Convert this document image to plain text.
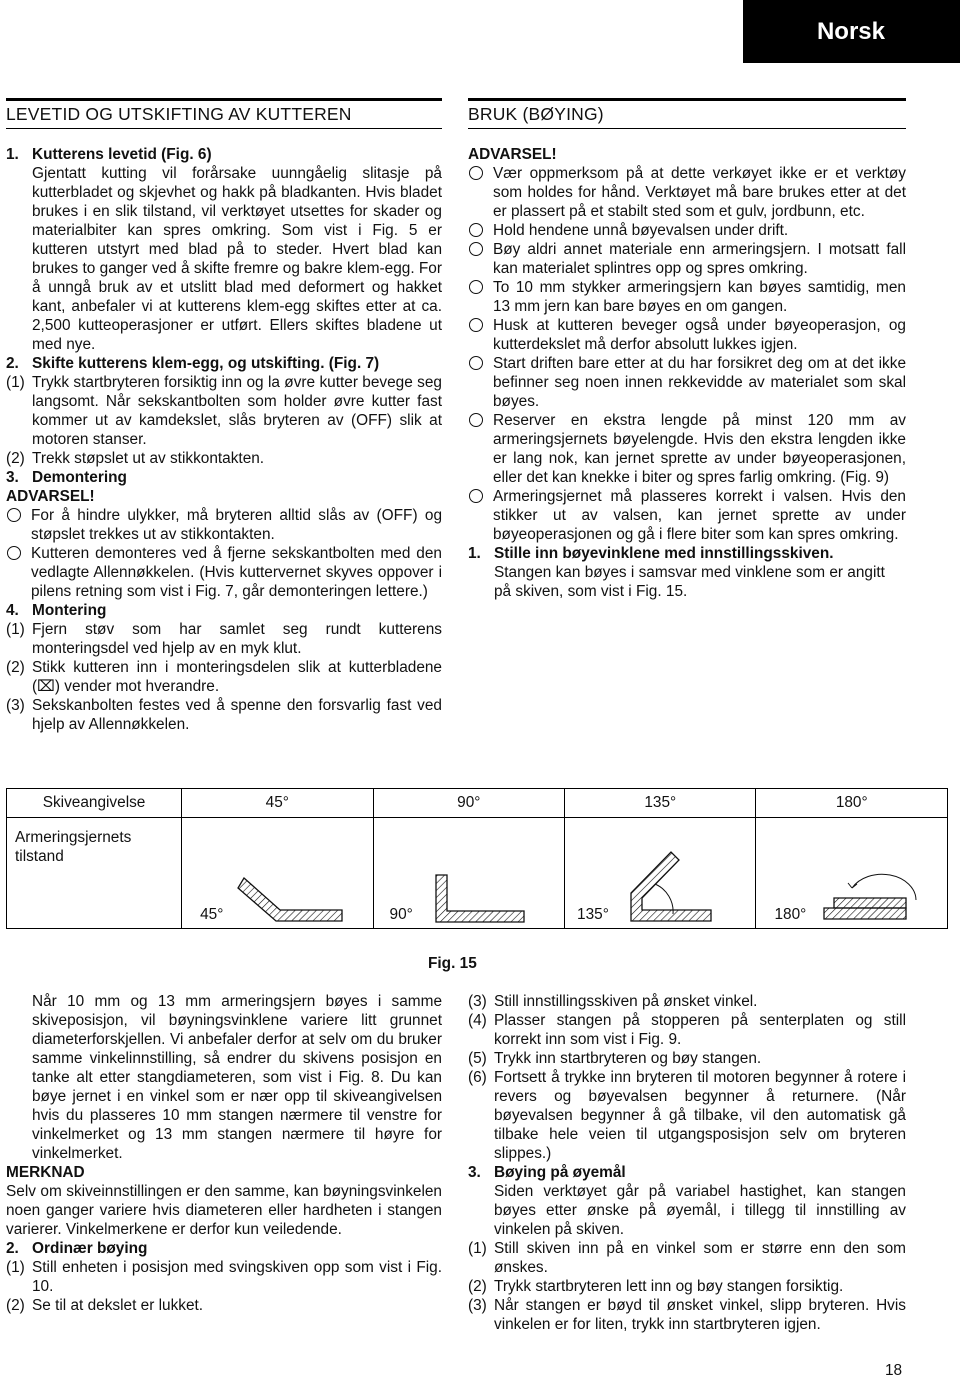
Norsk

LEVETID OG UTSKIFTING AV KUTTEREN

1. Kutterens levetid (Fig. 6)

Gjentatt kutting vil forårsake uunngåelig slitasje på kutterbladet og skjevhet og hakk på bladkanten. Hvis bladet brukes i en slik tilstand, vil verktøyet utsettes for skader og materialbiter kan spres omkring. Som vist i Fig. 5 er kutteren utstyrt med blad på to steder. Hvert blad kan brukes to ganger ved å skifte fremre og bakre klem-egg. For å unngå bruk av et utslitt blad med deformert og hakket kant, anbefaler vi at kutterens klem-egg skiftes etter at ca. 2,500 kutteoperasjoner er utført. Ellers skiftes bladene ut med nye.

2. Skifte kutterens klem-egg, og utskifting. (Fig. 7)
(1) Trykk startbryteren forsiktig inn og la øvre kutter bevege seg langsomt. Når sekskantbolten som holder øvre kutter fast kommer ut av kamdekslet, slås bryteren av (OFF) slik at motoren stanser.
(2) Trekk støpslet ut av stikkontakten.
3. Demontering

ADVARSEL!

For å hindre ulykker, må bryteren alltid slås av (OFF) og støpslet trekkes ut av stikkontakten.
Kutteren demonteres ved å fjerne sekskantbolten med den vedlagte Allennøkkelen. (Hvis kuttervernet skyves oppover i pilens retning som vist i Fig. 7, går demonteringen lettere.)
4. Montering
(1) Fjern støv som har samlet seg rundt kutterens monteringsdel ved hjelp av en myk klut.
(2) Stikk kutteren inn i monteringsdelen slik at kutterbladene (⌧) vender mot hverandre.
(3) Sekskanbolten festes ved å spenne den forsvarlig fast ved hjelp av Allennøkkelen.

BRUK (BØYING)

ADVARSEL!

Vær oppmerksom på at dette verkøyet ikke er et verktøy som holdes for hånd. Verktøyet må bare brukes etter at det er plassert på et stabilt sted som et gulv, jordbunn, etc.
Hold hendene unnå bøyevalsen under drift.
Bøy aldri annet materiale enn armeringsjern. I motsatt fall kan materialet splintres opp og spres omkring.
To 10 mm stykker armeringsjern kan bøyes samtidig, men 13 mm jern kan bare bøyes en om gangen.
Husk at kutteren beveger også under bøyeoperasjon, og kutterdekslet må derfor absolutt lukkes igjen.
Start driften bare etter at du har forsikret deg om at det ikke befinner seg noen innen rekkevidde av materialet som skal bøyes.
Reserver en ekstra lengde på minst 120 mm av armeringsjernets bøyelengde. Hvis den ekstra lengden ikke er lang nok, kan jernet sprette av under bøyeoperasjonen, eller det kan knekke i biter og spres farlig omkring. (Fig. 9)
Armeringsjernet må plasseres korrekt i valsen. Hvis den stikker ut av valsen, kan jernet sprette av under bøyeoperasjonen og gå i flere biter som kan spres omkring.
1. Stille inn bøyevinklene med innstillingsskiven.

Stangen kan bøyes i samsvar med vinklene som er angitt på skiven, som vist i Fig. 15.

Skiveangivelse	45°	90°	135°	180°

Armeringsjernets tilstand	45°	90°	135°	180°
Fig. 15

Når 10 mm og 13 mm armeringsjern bøyes i samme skiveposisjon, vil bøyningsvinklene variere litt grunnet diameterforskjellen. Vi anbefaler derfor at selv om du bruker samme vinkelinnstilling, så endrer du skivens posisjon en tanke alt etter stangdiameteren, som vist i Fig. 8. Du kan bøye jernet i en vinkel som er nær opp til skiveangivelsen hvis du plasseres 10 mm stangen nærmere til venstre for vinkelmerket og 13 mm stangen nærmere til høyre for vinkelmerket.

MERKNAD

Selv om skiveinnstillingen er den samme, kan bøyningsvinkelen noen ganger variere hvis diameteren eller hardheten i stangen varierer. Vinkelmerkene er derfor kun veiledende.

2. Ordinær bøying
(1) Still enheten i posisjon med svingskiven opp som vist i Fig. 10.
(2) Se til at dekslet er lukket.
(3) Still innstillingsskiven på ønsket vinkel.
(4) Plasser stangen på stopperen på senterplaten og still korrekt inn som vist i Fig. 9.
(5) Trykk inn startbryteren og bøy stangen.
(6) Fortsett å trykke inn bryteren til motoren begynner å rotere i revers og bøyevalsen begynner å returnere. (Når bøyevalsen begynner å gå tilbake, vil den automatisk gå tilbake hele veien til utgangsposisjon selv om bryteren slippes.)
3. Bøying på øyemål

Siden verktøyet går på variabel hastighet, kan stangen bøyes etter ønske på øyemål, i tillegg til innstilling av vinkelen på skiven.

(1) Still skiven inn på en vinkel som er større enn den som ønskes.
(2) Trykk startbryteren lett inn og bøy stangen forsiktig.
(3) Når stangen er bøyd til ønsket vinkel, slipp bryteren. Hvis vinkelen er for liten, trykk inn startbryteren igjen.
18
